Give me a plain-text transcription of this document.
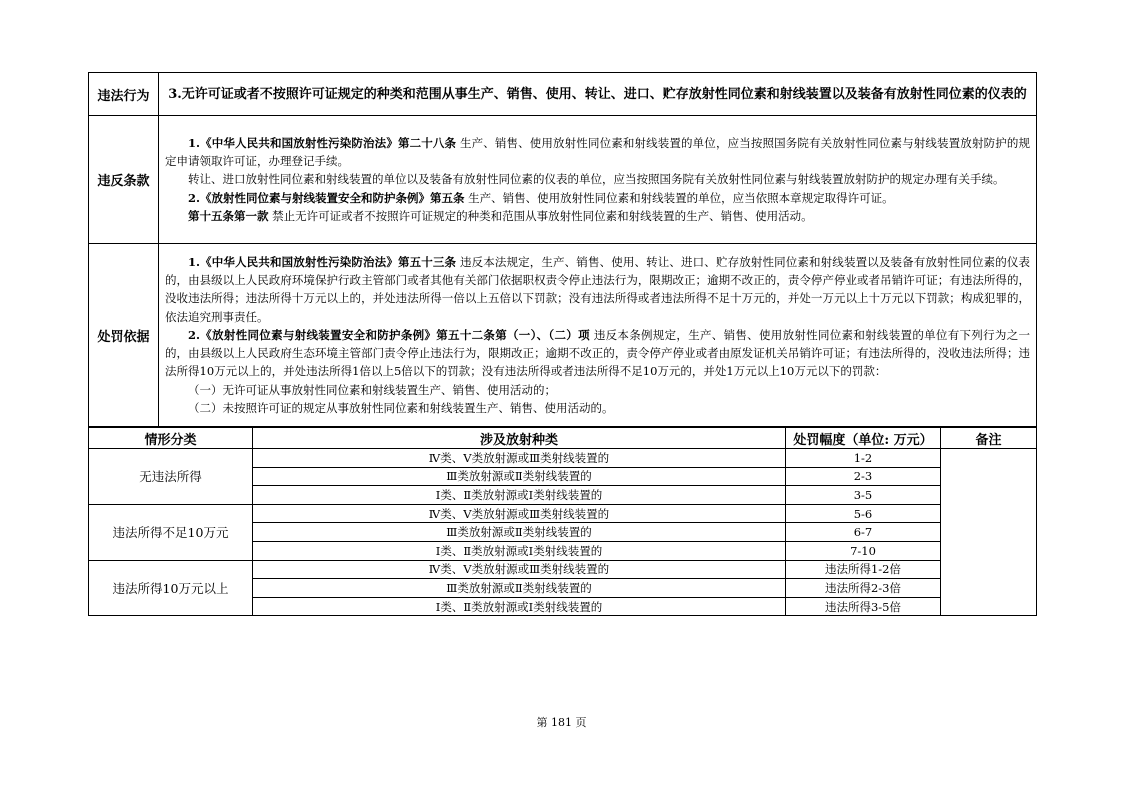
违法行为	3.无许可证或者不按照许可证规定的种类和范围从事生产、销售、使用、转让、进口、贮存放射性同位素和射线装置以及装备有放射性同位素的仪表的
违反条款	1.《中华人民共和国放射性污染防治法》第二十八条 生产、销售、使用放射性同位素和射线装置的单位，应当按照国务院有关放射性同位素与射线装置放射防护的规定申请领取许可证，办理登记手续。

转让、进口放射性同位素和射线装置的单位以及装备有放射性同位素的仪表的单位，应当按照国务院有关放射性同位素与射线装置放射防护的规定办理有关手续。

2.《放射性同位素与射线装置安全和防护条例》第五条 生产、销售、使用放射性同位素和射线装置的单位，应当依照本章规定取得许可证。

第十五条第一款 禁止无许可证或者不按照许可证规定的种类和范围从事放射性同位素和射线装置的生产、销售、使用活动。

处罚依据	1.《中华人民共和国放射性污染防治法》第五十三条 违反本法规定，生产、销售、使用、转让、进口、贮存放射性同位素和射线装置以及装备有放射性同位素的仪表的，由县级以上人民政府环境保护行政主管部门或者其他有关部门依据职权责令停止违法行为，限期改正；逾期不改正的，责令停产停业或者吊销许可证；有违法所得的，没收违法所得；违法所得十万元以上的，并处违法所得一倍以上五倍以下罚款；没有违法所得或者违法所得不足十万元的，并处一万元以上十万元以下罚款；构成犯罪的，依法追究刑事责任。

2.《放射性同位素与射线装置安全和防护条例》第五十二条第（一）、（二）项 违反本条例规定，生产、销售、使用放射性同位素和射线装置的单位有下列行为之一的，由县级以上人民政府生态环境主管部门责令停止违法行为，限期改正；逾期不改正的，责令停产停业或者由原发证机关吊销许可证；有违法所得的，没收违法所得；违法所得10万元以上的，并处违法所得1倍以上5倍以下的罚款；没有违法所得或者违法所得不足10万元的，并处1万元以上10万元以下的罚款：

（一）无许可证从事放射性同位素和射线装置生产、销售、使用活动的；

（二）未按照许可证的规定从事放射性同位素和射线装置生产、销售、使用活动的。

情形分类	涉及放射种类	处罚幅度（单位: 万元）	备注
无违法所得	Ⅳ类、Ⅴ类放射源或Ⅲ类射线装置的	1-2	
	Ⅲ类放射源或Ⅱ类射线装置的	2-3	
	Ⅰ类、Ⅱ类放射源或Ⅰ类射线装置的	3-5	
违法所得不足10万元	Ⅳ类、Ⅴ类放射源或Ⅲ类射线装置的	5-6	
	Ⅲ类放射源或Ⅱ类射线装置的	6-7	
	Ⅰ类、Ⅱ类放射源或Ⅰ类射线装置的	7-10	
违法所得10万元以上	Ⅳ类、Ⅴ类放射源或Ⅲ类射线装置的	违法所得1-2倍	
	Ⅲ类放射源或Ⅱ类射线装置的	违法所得2-3倍	
	Ⅰ类、Ⅱ类放射源或Ⅰ类射线装置的	违法所得3-5倍	
第 181 页
